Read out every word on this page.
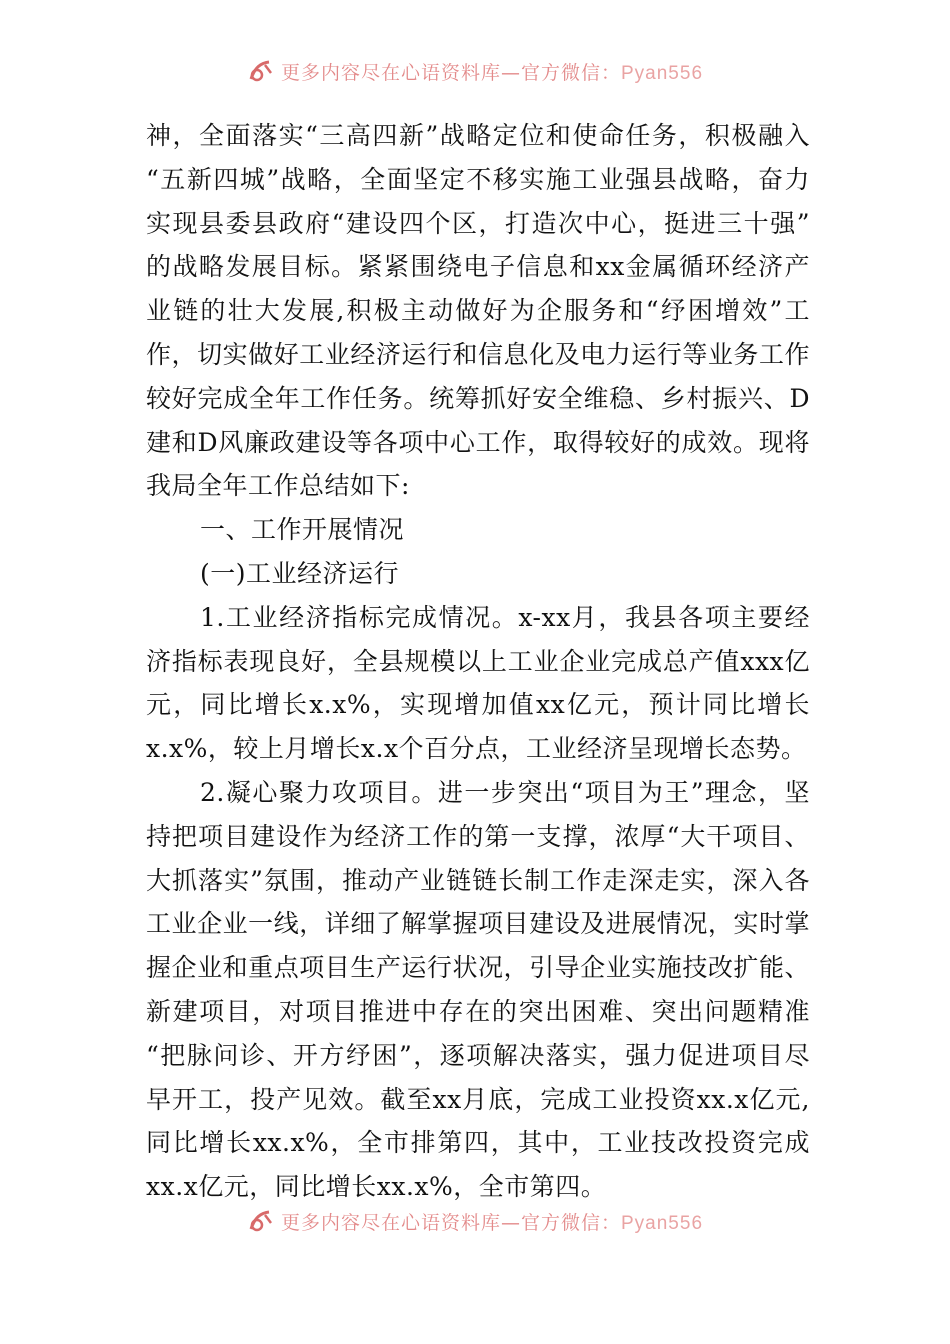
更多内容尽在心语资料库—官方微信：Pyan556
神，全面落实“三高四新”战略定位和使命任务，积极融入
“五新四城”战略，全面坚定不移实施工业强县战略，奋力
实现县委县政府“建设四个区，打造次中心，挺进三十强”
的战略发展目标。紧紧围绕电子信息和xx金属循环经济产
业链的壮大发展,积极主动做好为企服务和“纾困增效”工
作，切实做好工业经济运行和信息化及电力运行等业务工作
较好完成全年工作任务。统筹抓好安全维稳、乡村振兴、D
建和D风廉政建设等各项中心工作，取得较好的成效。现将
我局全年工作总结如下:
一、工作开展情况
(一)工业经济运行
1.工业经济指标完成情况。x-xx月，我县各项主要经
济指标表现良好，全县规模以上工业企业完成总产值xxx亿
元，同比增长x.x%，实现增加值xx亿元，预计同比增长
x.x%，较上月增长x.x个百分点，工业经济呈现增长态势。
2.凝心聚力攻项目。进一步突出“项目为王”理念，坚
持把项目建设作为经济工作的第一支撑，浓厚“大干项目、
大抓落实”氛围，推动产业链链长制工作走深走实，深入各
工业企业一线，详细了解掌握项目建设及进展情况，实时掌
握企业和重点项目生产运行状况，引导企业实施技改扩能、
新建项目，对项目推进中存在的突出困难、突出问题精准
“把脉问诊、开方纾困”，逐项解决落实，强力促进项目尽
早开工，投产见效。截至xx月底，完成工业投资xx.x亿元,
同比增长xx.x%，全市排第四，其中，工业技改投资完成
xx.x亿元，同比增长xx.x%，全市第四。
更多内容尽在心语资料库—官方微信：Pyan556
